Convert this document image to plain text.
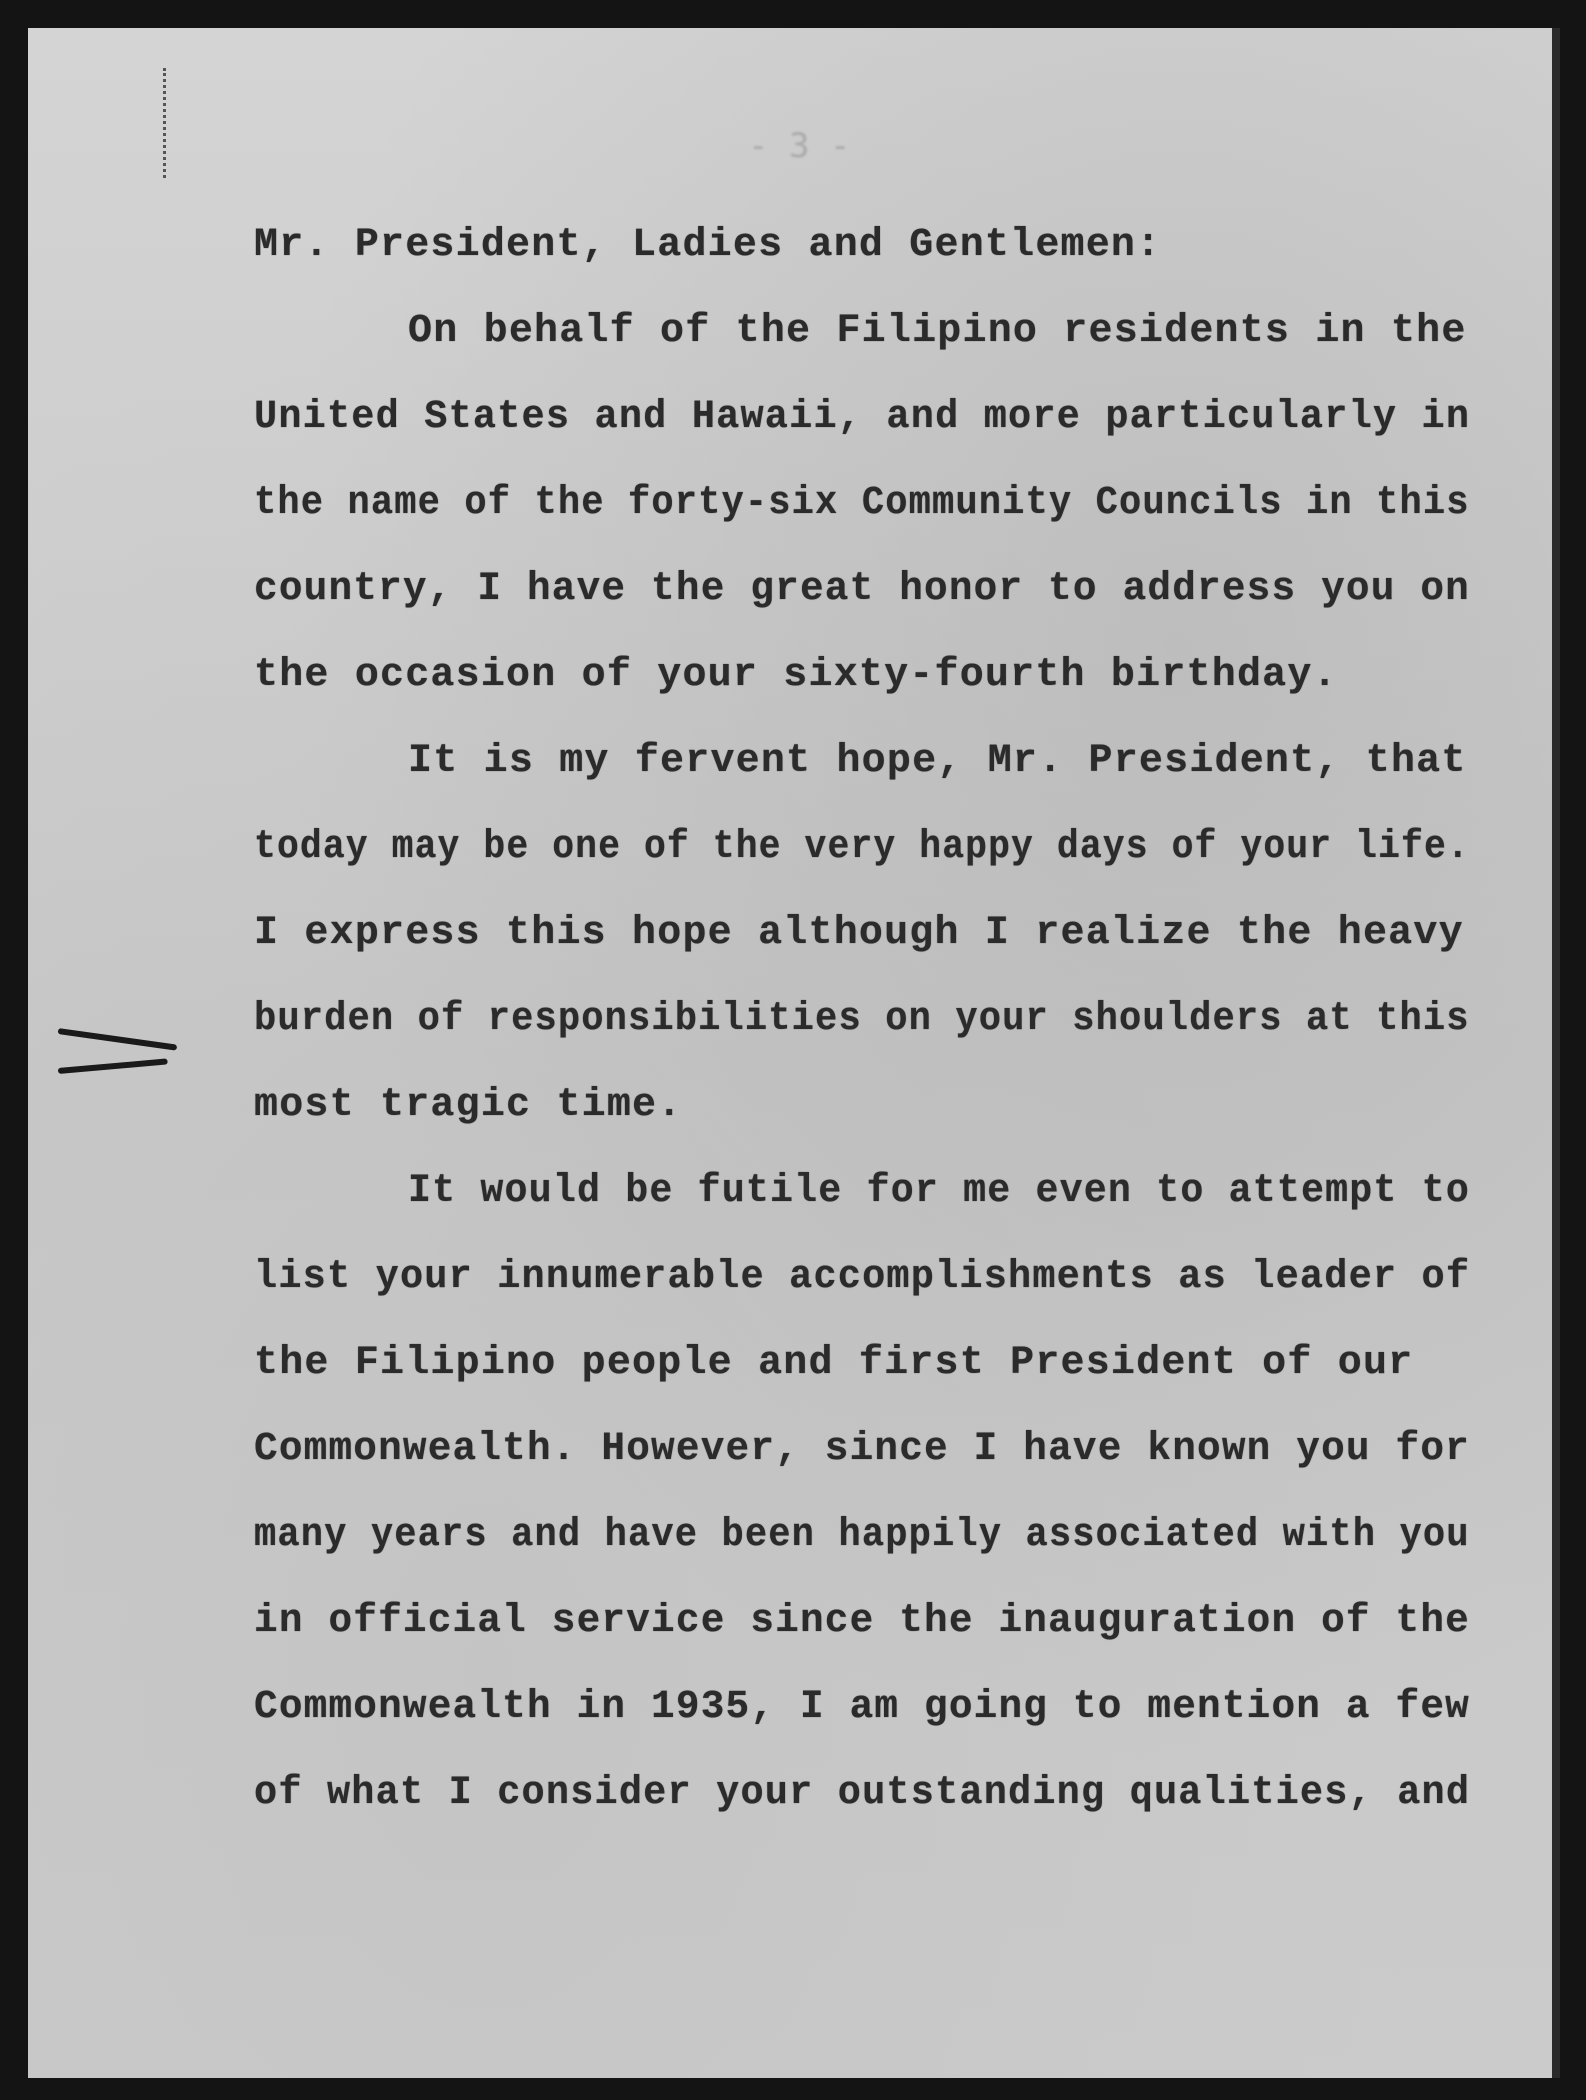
- 3 -
Mr. President, Ladies and Gentlemen:
On behalf of the Filipino residents in the
United States and Hawaii, and more particularly in
the name of the forty-six Community Councils in this
country, I have the great honor to address you on
the occasion of your sixty-fourth birthday.
It is my fervent hope, Mr. President, that
today may be one of the very happy days of your life.
I express this hope although I realize the heavy
burden of responsibilities on your shoulders at this
most tragic time.
It would be futile for me even to attempt to
list your innumerable accomplishments as leader of
the Filipino people and first President of our
Commonwealth. However, since I have known you for
many years and have been happily associated with you
in official service since the inauguration of the
Commonwealth in 1935, I am going to mention a few
of what I consider your outstanding qualities, and
